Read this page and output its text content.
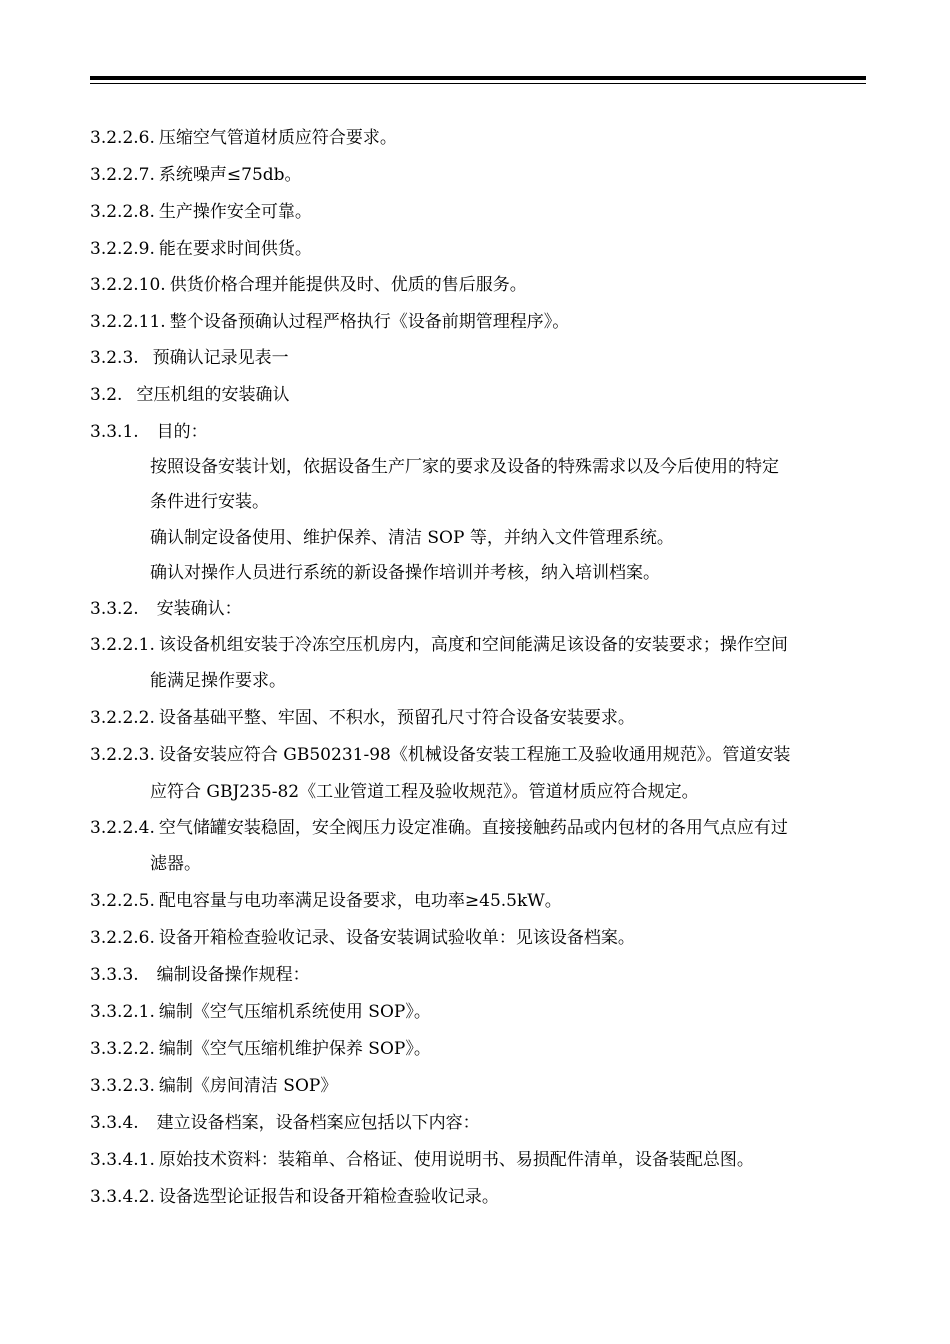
3.2.2.6. 压缩空气管道材质应符合要求。
3.2.2.7. 系统噪声≤75db。
3.2.2.8. 生产操作安全可靠。
3.2.2.9. 能在要求时间供货。
3.2.2.10. 供货价格合理并能提供及时、优质的售后服务。
3.2.2.11. 整个设备预确认过程严格执行《设备前期管理程序》。
3.2.3. 预确认记录见表一
3.2. 空压机组的安装确认
3.3.1. 目的：
按照设备安装计划，依据设备生产厂家的要求及设备的特殊需求以及今后使用的特定
条件进行安装。
确认制定设备使用、维护保养、清洁 SOP 等，并纳入文件管理系统。
确认对操作人员进行系统的新设备操作培训并考核，纳入培训档案。
3.3.2. 安装确认：
3.2.2.1. 该设备机组安装于冷冻空压机房内，高度和空间能满足该设备的安装要求；操作空间
能满足操作要求。
3.2.2.2. 设备基础平整、牢固、不积水，预留孔尺寸符合设备安装要求。
3.2.2.3. 设备安装应符合 GB50231-98《机械设备安装工程施工及验收通用规范》。管道安装
应符合 GBJ235-82《工业管道工程及验收规范》。管道材质应符合规定。
3.2.2.4. 空气储罐安装稳固，安全阀压力设定准确。直接接触药品或内包材的各用气点应有过
滤器。
3.2.2.5. 配电容量与电功率满足设备要求，电功率≥45.5kW。
3.2.2.6. 设备开箱检查验收记录、设备安装调试验收单：见该设备档案。
3.3.3. 编制设备操作规程：
3.3.2.1. 编制《空气压缩机系统使用 SOP》。
3.3.2.2. 编制《空气压缩机维护保养 SOP》。
3.3.2.3. 编制《房间清洁 SOP》
3.3.4. 建立设备档案，设备档案应包括以下内容：
3.3.4.1. 原始技术资料：装箱单、合格证、使用说明书、易损配件清单，设备装配总图。
3.3.4.2. 设备选型论证报告和设备开箱检查验收记录。
